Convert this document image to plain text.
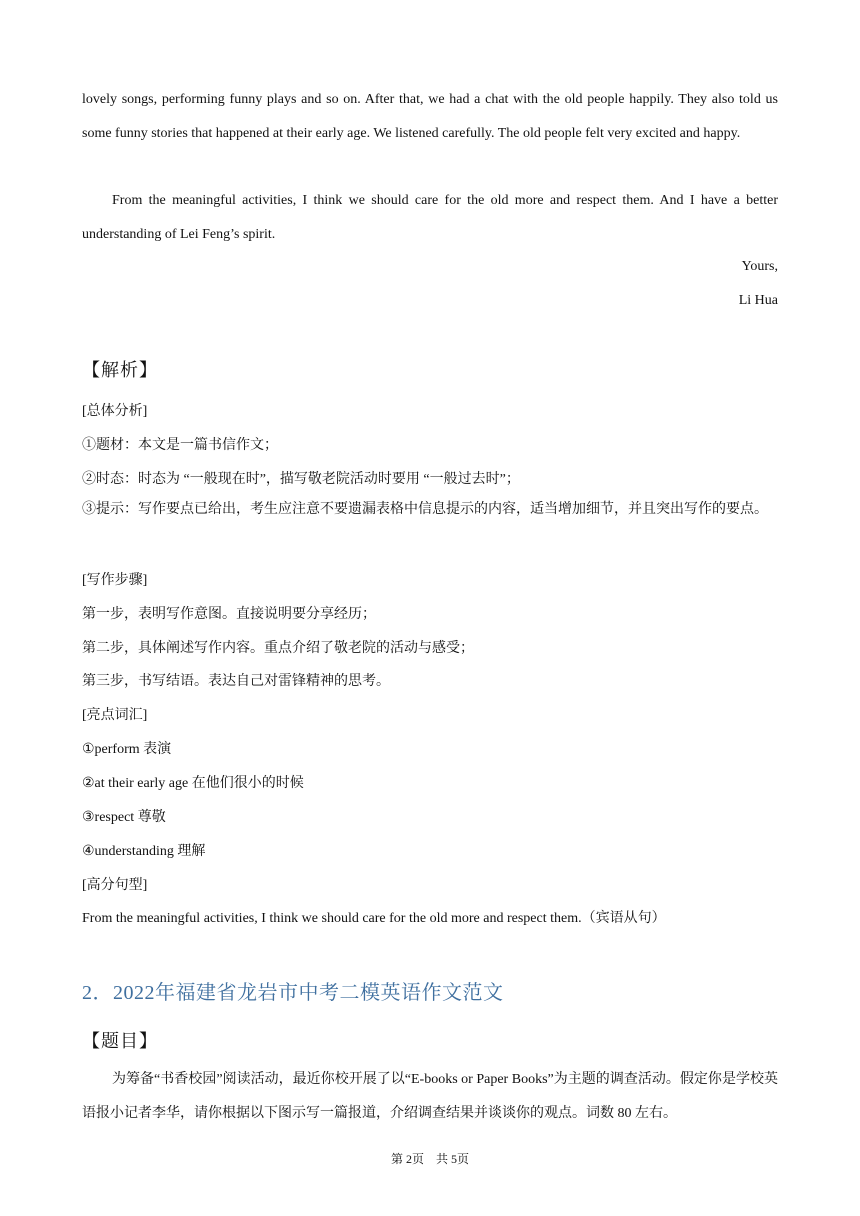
lovely songs, performing funny plays and so on. After that, we had a chat with the old people happily. They also told us some funny stories that happened at their early age. We listened carefully. The old people felt very excited and happy.

From the meaningful activities, I think we should care for the old more and respect them. And I have a better understanding of Lei Feng’s spirit.

Yours,

Li Hua

【解析】

[总体分析]

①题材：本文是一篇书信作文；

②时态：时态为 “一般现在时”，描写敬老院活动时要用 “一般过去时”；

③提示：写作要点已给出，考生应注意不要遗漏表格中信息提示的内容，适当增加细节，并且突出写作的要点。

[写作步骤]

第一步，表明写作意图。直接说明要分享经历；

第二步，具体阐述写作内容。重点介绍了敬老院的活动与感受；

第三步，书写结语。表达自己对雷锋精神的思考。

[亮点词汇]

①perform 表演

②at their early age 在他们很小的时候

③respect 尊敬

④understanding 理解

[高分句型]

From the meaningful activities, I think we should care for the old more and respect them.（宾语从句）

2．2022年福建省龙岩市中考二模英语作文范文

【题目】

为筹备“书香校园”阅读活动，最近你校开展了以“E-books or Paper Books”为主题的调查活动。假定你是学校英语报小记者李华，请你根据以下图示写一篇报道，介绍调查结果并谈谈你的观点。词数 80 左右。

第 2页　共 5页
